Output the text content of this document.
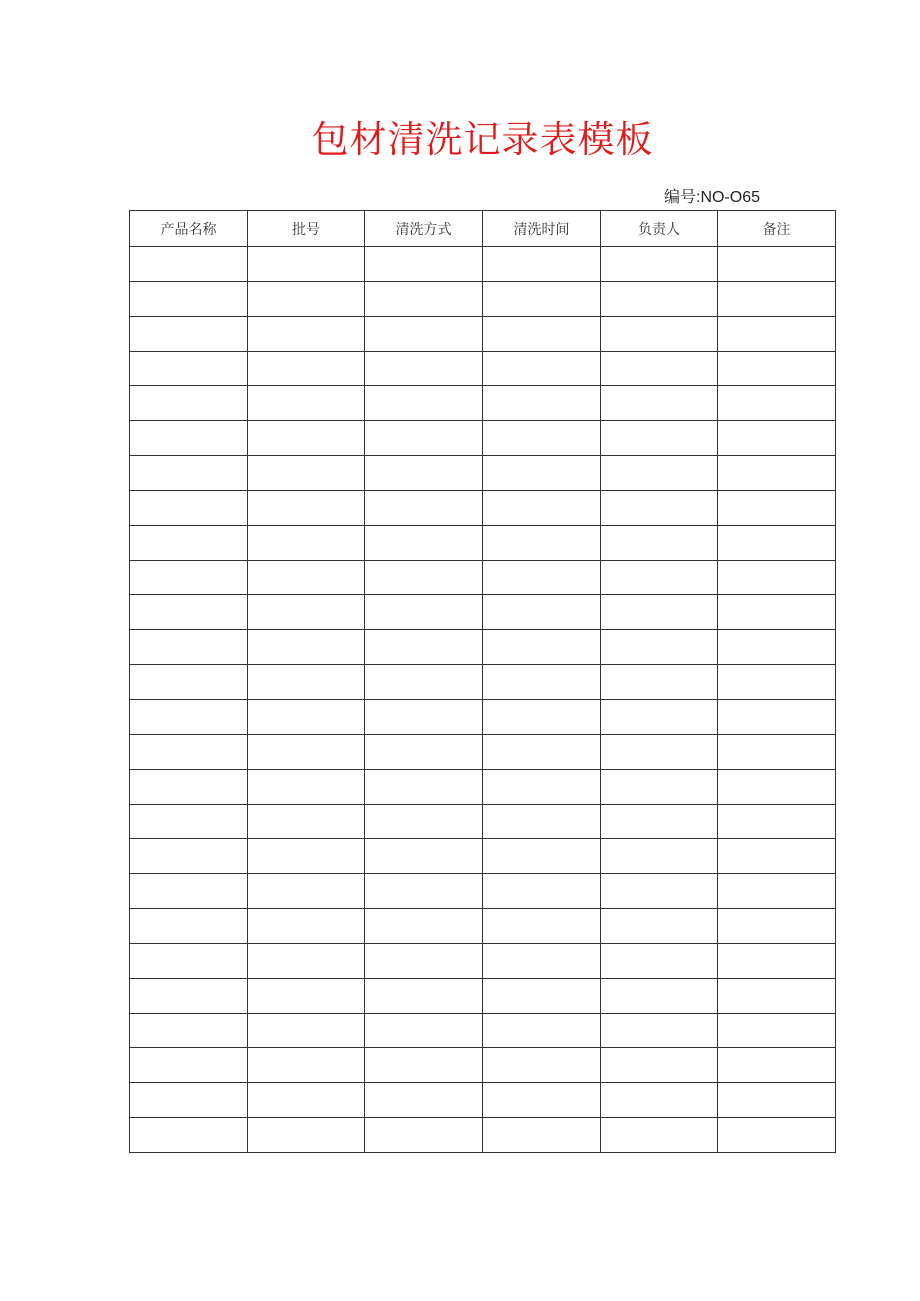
包材清洗记录表模板
编号:NO-O65
产品名称	批号	清洗方式	清洗时间	负责人	备注
